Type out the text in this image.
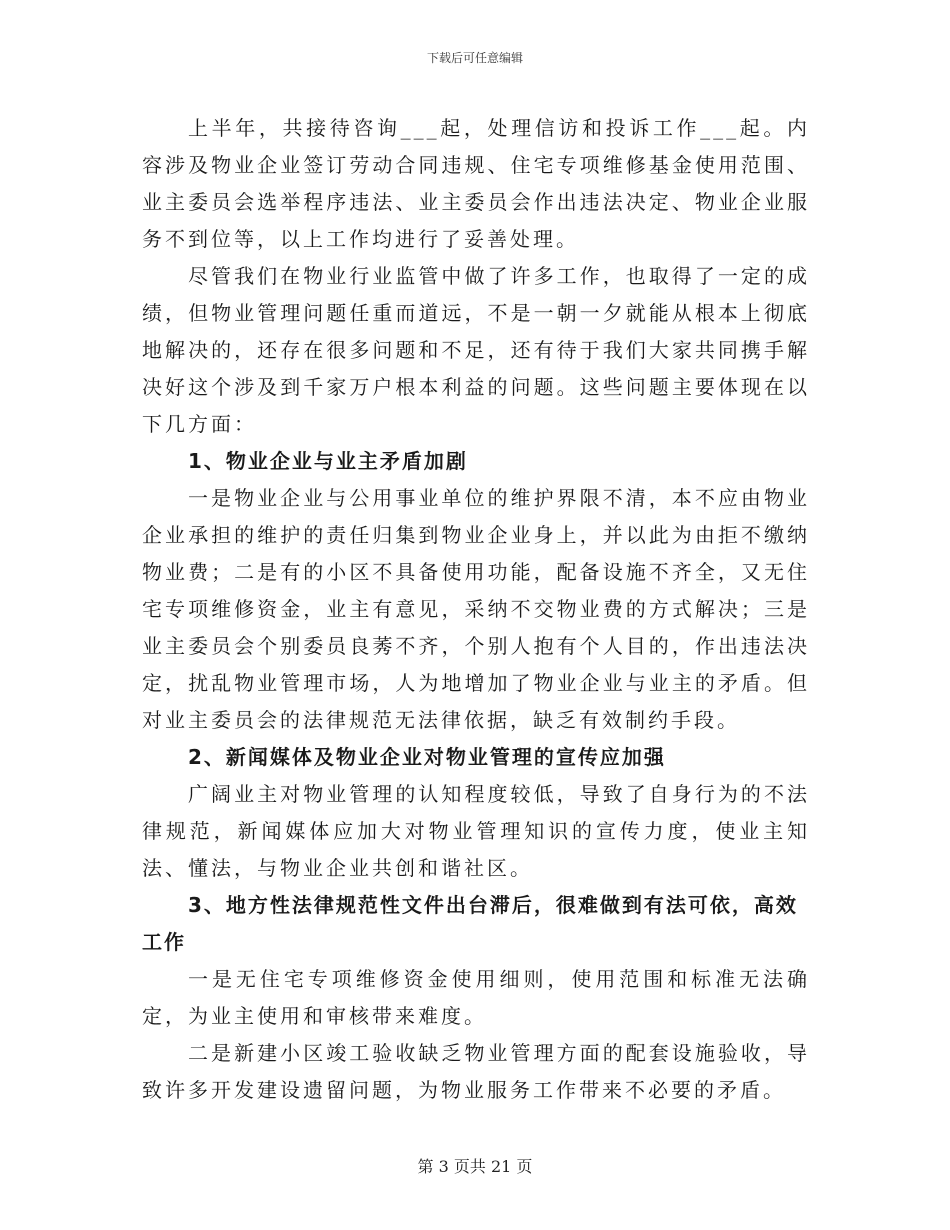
下载后可任意编辑

上半年，共接待咨询___起，处理信访和投诉工作___起。内容涉及物业企业签订劳动合同违规、住宅专项维修基金使用范围、业主委员会选举程序违法、业主委员会作出违法决定、物业企业服务不到位等，以上工作均进行了妥善处理。

尽管我们在物业行业监管中做了许多工作，也取得了一定的成绩，但物业管理问题任重而道远，不是一朝一夕就能从根本上彻底地解决的，还存在很多问题和不足，还有待于我们大家共同携手解决好这个涉及到千家万户根本利益的问题。这些问题主要体现在以下几方面：

1、物业企业与业主矛盾加剧

一是物业企业与公用事业单位的维护界限不清，本不应由物业企业承担的维护的责任归集到物业企业身上，并以此为由拒不缴纳物业费；二是有的小区不具备使用功能，配备设施不齐全，又无住宅专项维修资金，业主有意见，采纳不交物业费的方式解决；三是业主委员会个别委员良莠不齐，个别人抱有个人目的，作出违法决定，扰乱物业管理市场，人为地增加了物业企业与业主的矛盾。但对业主委员会的法律规范无法律依据，缺乏有效制约手段。

2、新闻媒体及物业企业对物业管理的宣传应加强

广阔业主对物业管理的认知程度较低，导致了自身行为的不法律规范，新闻媒体应加大对物业管理知识的宣传力度，使业主知法、懂法，与物业企业共创和谐社区。

3、地方性法律规范性文件出台滞后，很难做到有法可依，高效工作

一是无住宅专项维修资金使用细则，使用范围和标准无法确定，为业主使用和审核带来难度。

二是新建小区竣工验收缺乏物业管理方面的配套设施验收，导致许多开发建设遗留问题，为物业服务工作带来不必要的矛盾。

第 3 页共 21 页
